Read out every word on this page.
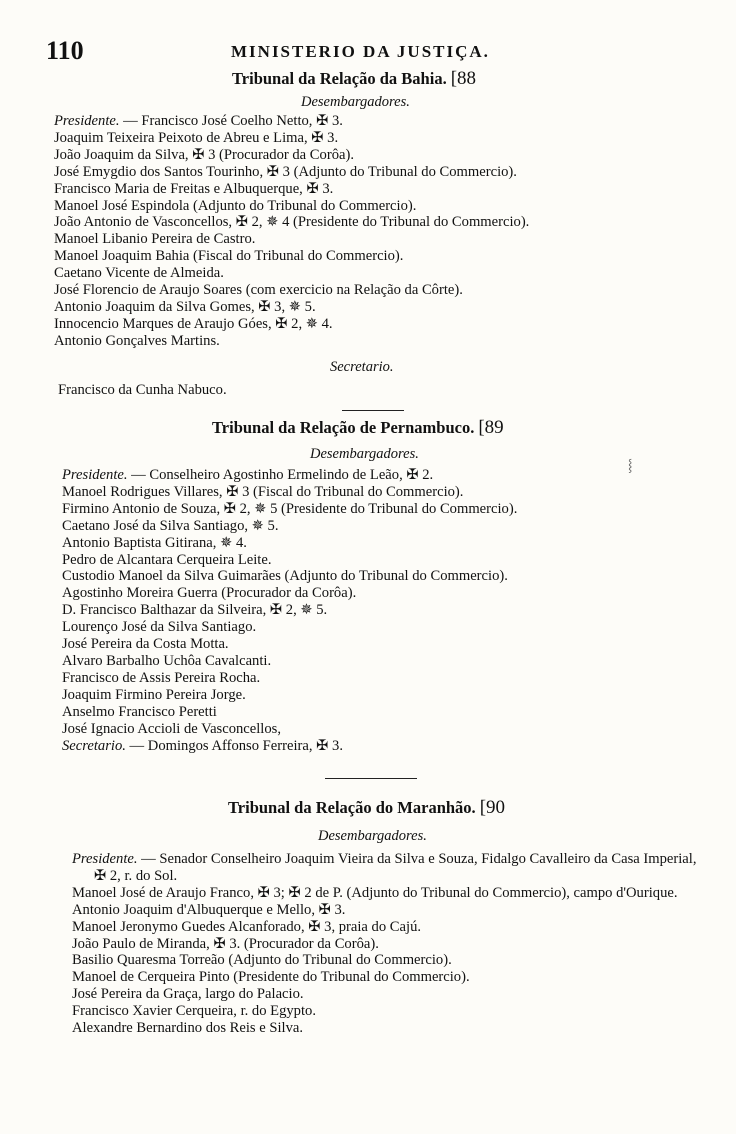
110	MINISTERIO DA JUSTIÇA.
Tribunal da Relação da Bahia. [88
Desembargadores.
Presidente. — Francisco José Coelho Netto, ✠ 3.
Joaquim Teixeira Peixoto de Abreu e Lima, ✠ 3.
João Joaquim da Silva, ✠ 3 (Procurador da Corôa).
José Emygdio dos Santos Tourinho, ✠ 3 (Adjunto do Tribunal do Commercio).
Francisco Maria de Freitas e Albuquerque, ✠ 3.
Manoel José Espindola (Adjunto do Tribunal do Commercio).
João Antonio de Vasconcellos, ✠ 2, ✵ 4 (Presidente do Tribunal do Commercio).
Manoel Libanio Pereira de Castro.
Manoel Joaquim Bahia (Fiscal do Tribunal do Commercio).
Caetano Vicente de Almeida.
José Florencio de Araujo Soares (com exercicio na Relação da Côrte).
Antonio Joaquim da Silva Gomes, ✠ 3, ✵ 5.
Innocencio Marques de Araujo Góes, ✠ 2, ✵ 4.
Antonio Gonçalves Martins.
Secretario.
Francisco da Cunha Nabuco.
Tribunal da Relação de Pernambuco. [89
Desembargadores.
⸾
Presidente. — Conselheiro Agostinho Ermelindo de Leão, ✠ 2.
Manoel Rodrigues Villares, ✠ 3 (Fiscal do Tribunal do Commercio).
Firmino Antonio de Souza, ✠ 2, ✵ 5 (Presidente do Tribunal do Commercio).
Caetano José da Silva Santiago, ✵ 5.
Antonio Baptista Gitirana, ✵ 4.
Pedro de Alcantara Cerqueira Leite.
Custodio Manoel da Silva Guimarães (Adjunto do Tribunal do Commercio).
Agostinho Moreira Guerra (Procurador da Corôa).
D. Francisco Balthazar da Silveira, ✠ 2, ✵ 5.
Lourenço José da Silva Santiago.
José Pereira da Costa Motta.
Alvaro Barbalho Uchôa Cavalcanti.
Francisco de Assis Pereira Rocha.
Joaquim Firmino Pereira Jorge.
Anselmo Francisco Peretti
José Ignacio Accioli de Vasconcellos,
Secretario. — Domingos Affonso Ferreira, ✠ 3.
Tribunal da Relação do Maranhão. [90
Desembargadores.
Presidente. — Senador Conselheiro Joaquim Vieira da Silva e Souza, Fidalgo Cavalleiro da Casa Imperial, ✠ 2, r. do Sol.
Manoel José de Araujo Franco, ✠ 3; ✠ 2 de P. (Adjunto do Tribunal do Commercio), campo d'Ourique.
Antonio Joaquim d'Albuquerque e Mello, ✠ 3.
Manoel Jeronymo Guedes Alcanforado, ✠ 3, praia do Cajú.
João Paulo de Miranda, ✠ 3. (Procurador da Corôa).
Basilio Quaresma Torreão (Adjunto do Tribunal do Commercio).
Manoel de Cerqueira Pinto (Presidente do Tribunal do Commercio).
José Pereira da Graça, largo do Palacio.
Francisco Xavier Cerqueira, r. do Egypto.
Alexandre Bernardino dos Reis e Silva.
